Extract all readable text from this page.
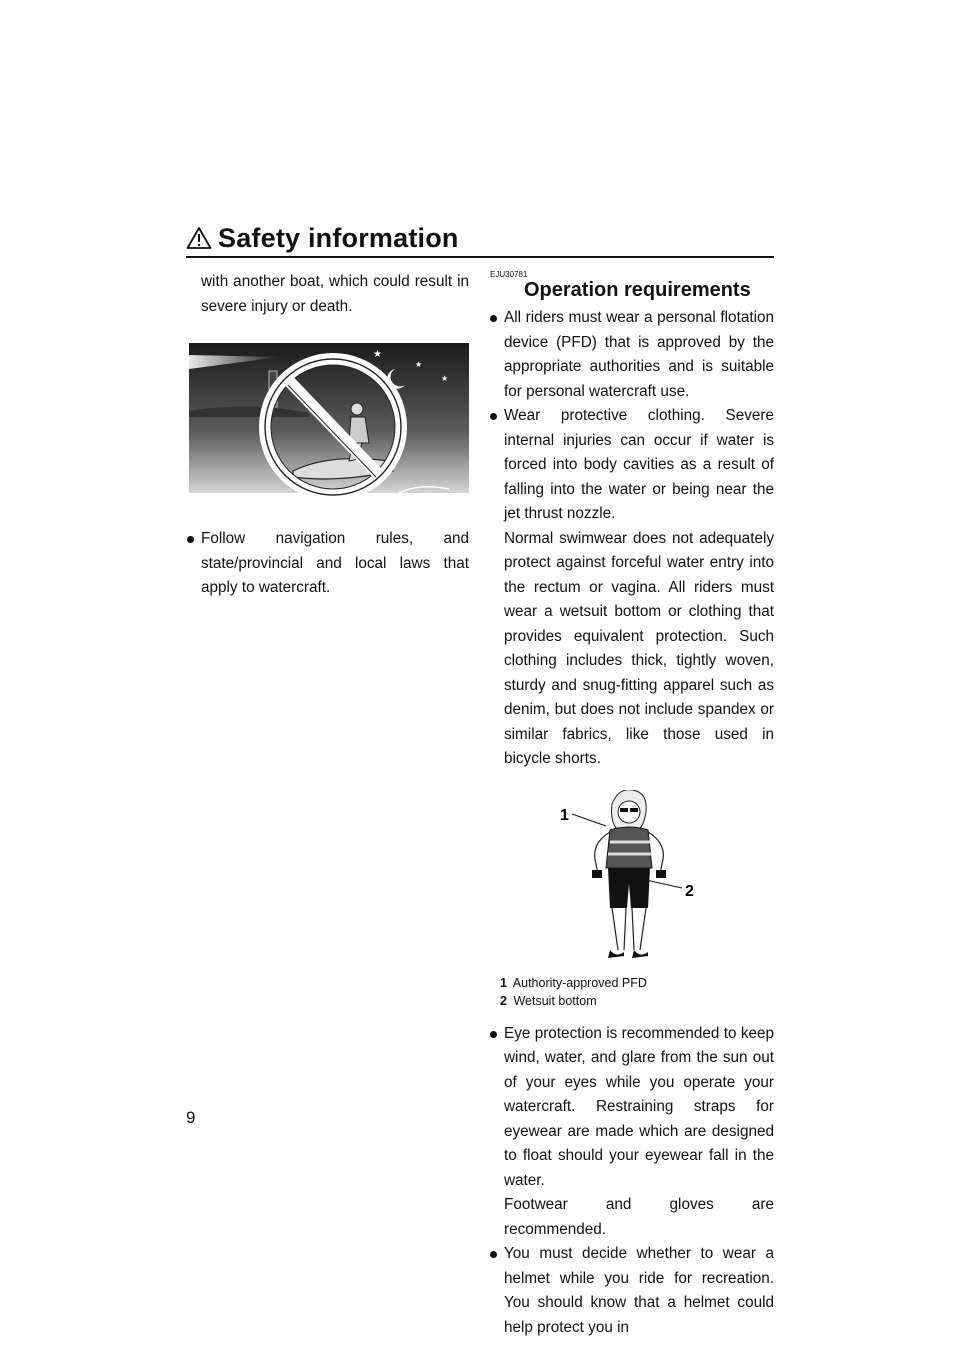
Safety information

with another boat, which could result in severe injury or death.

★
★
★

Follow navigation rules, and state/provincial and local laws that apply to watercraft.

EJU30781

Operation requirements

All riders must wear a personal flotation device (PFD) that is approved by the appropriate authorities and is suitable for personal watercraft use.

Wear protective clothing. Severe internal injuries can occur if water is forced into body cavities as a result of falling into the water or being near the jet thrust nozzle.

Normal swimwear does not adequately protect against forceful water entry into the rectum or vagina. All riders must wear a wetsuit bottom or clothing that provides equivalent protection. Such clothing includes thick, tightly woven, sturdy and snug-fitting apparel such as denim, but does not include spandex or similar fabrics, like those used in bicycle shorts.

1
2
1 Authority-approved PFD
2 Wetsuit bottom

Eye protection is recommended to keep wind, water, and glare from the sun out of your eyes while you operate your watercraft. Restraining straps for eyewear are made which are designed to float should your eyewear fall in the water.

Footwear and gloves are recommended.

You must decide whether to wear a helmet while you ride for recreation. You should know that a helmet could help protect you in

9
